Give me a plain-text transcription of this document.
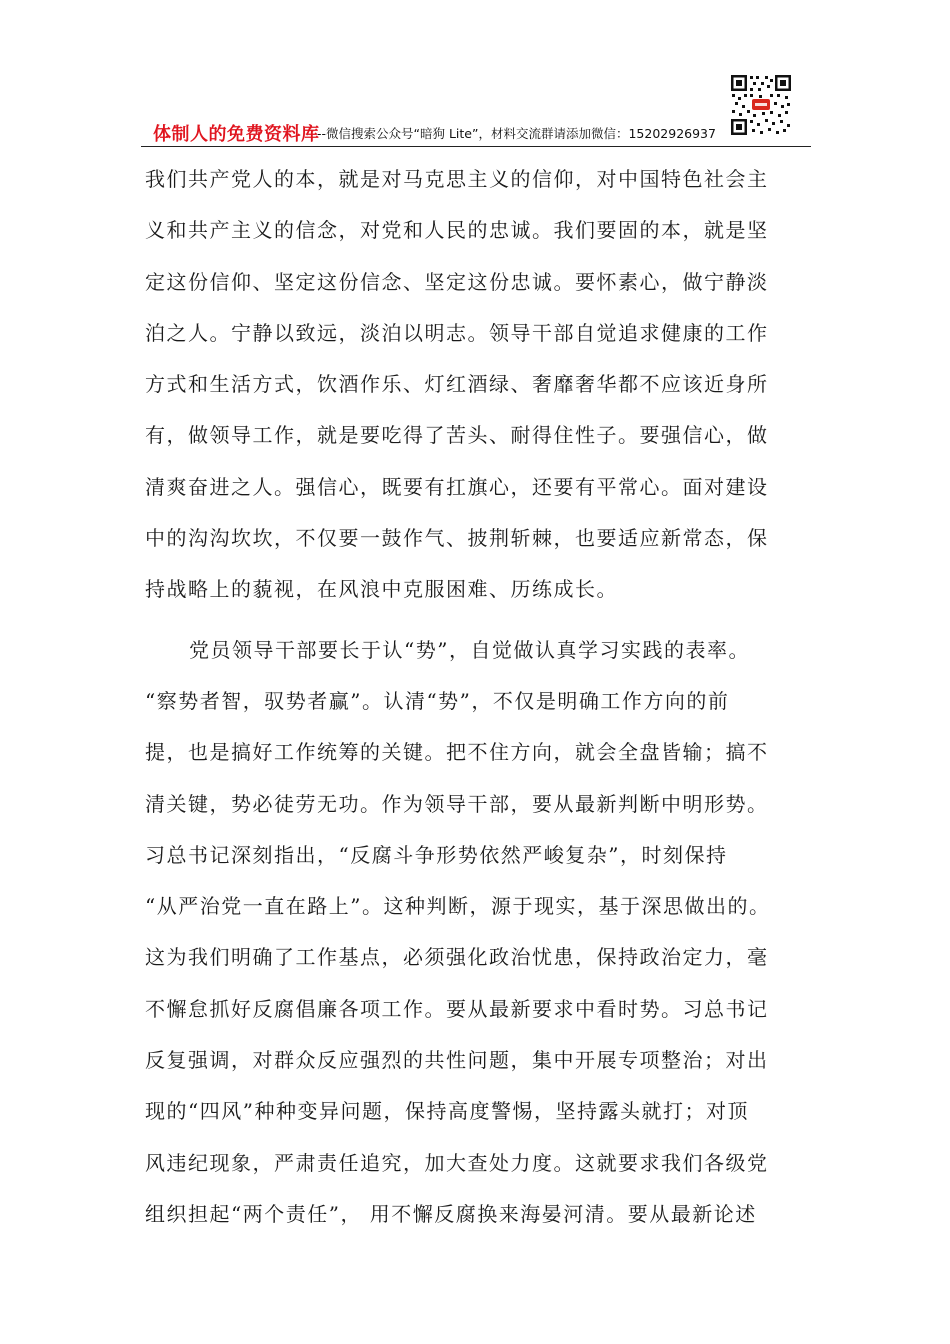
体制人的免费资料库
--微信搜索公众号“暗狗 Lite”，材料交流群请添加微信：15202926937
我们共产党人的本，就是对马克思主义的信仰，对中国特色社会主
义和共产主义的信念，对党和人民的忠诚。我们要固的本，就是坚
定这份信仰、坚定这份信念、坚定这份忠诚。要怀素心，做宁静淡
泊之人。宁静以致远，淡泊以明志。领导干部自觉追求健康的工作
方式和生活方式，饮酒作乐、灯红酒绿、奢靡奢华都不应该近身所
有，做领导工作，就是要吃得了苦头、耐得住性子。要强信心，做
清爽奋进之人。强信心，既要有扛旗心，还要有平常心。面对建设
中的沟沟坎坎，不仅要一鼓作气、披荆斩棘，也要适应新常态，保
持战略上的藐视，在风浪中克服困难、历练成长。
党员领导干部要长于认“势”，自觉做认真学习实践的表率。
“察势者智，驭势者赢”。认清“势”，不仅是明确工作方向的前
提，也是搞好工作统筹的关键。把不住方向，就会全盘皆输；搞不
清关键，势必徒劳无功。作为领导干部，要从最新判断中明形势。
习总书记深刻指出，“反腐斗争形势依然严峻复杂”，时刻保持
“从严治党一直在路上”。这种判断，源于现实，基于深思做出的。
这为我们明确了工作基点，必须强化政治忧患，保持政治定力，毫
不懈怠抓好反腐倡廉各项工作。要从最新要求中看时势。习总书记
反复强调，对群众反应强烈的共性问题，集中开展专项整治；对出
现的“四风”种种变异问题，保持高度警惕，坚持露头就打；对顶
风违纪现象，严肃责任追究，加大查处力度。这就要求我们各级党
组织担起“两个责任”， 用不懈反腐换来海晏河清。要从最新论述
